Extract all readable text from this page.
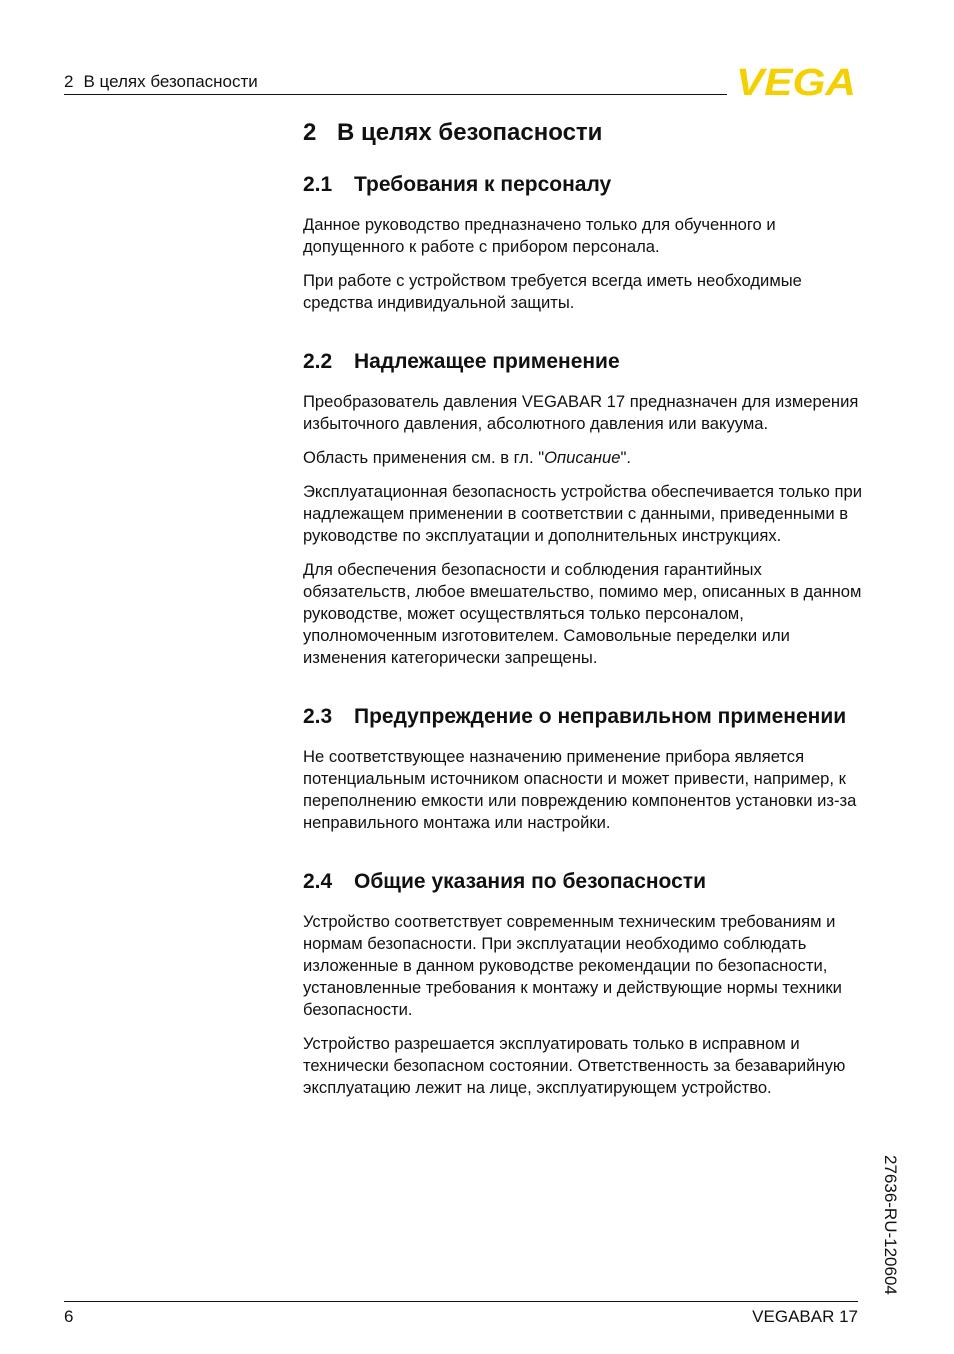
2 В целях безопасности	VEGA
2 В целях безопасности
2.1	Требования к персоналу

Данное руководство предназначено только для обученного и допущенного к работе с прибором персонала.

При работе с устройством требуется всегда иметь необходимые средства индивидуальной защиты.

2.2	Надлежащее применение

Преобразователь давления VEGABAR 17 предназначен для измерения избыточного давления, абсолютного давления или вакуума.

Область применения см. в гл. "Описание".

Эксплуатационная безопасность устройства обеспечивается только при надлежащем применении в соответствии с данными, приведенными в руководстве по эксплуатации и дополнительных инструкциях.

Для обеспечения безопасности и соблюдения гарантийных обязательств, любое вмешательство, помимо мер, описанных в данном руководстве, может осуществляться только персоналом, уполномоченным изготовителем. Самовольные переделки или изменения категорически запрещены.

2.3	Предупреждение о неправильном применении

Не соответствующее назначению применение прибора является потенциальным источником опасности и может привести, например, к переполнению емкости или повреждению компонентов установки из-за неправильного монтажа или настройки.

2.4	Общие указания по безопасности

Устройство соответствует современным техническим требованиям и нормам безопасности. При эксплуатации необходимо соблюдать изложенные в данном руководстве рекомендации по безопасности, установленные требования к монтажу и действующие нормы техники безопасности.

Устройство разрешается эксплуатировать только в исправном и технически безопасном состоянии. Ответственность за безаварийную эксплуатацию лежит на лице, эксплуатирующем устройство.

27636-RU-120604
6	VEGABAR 17
